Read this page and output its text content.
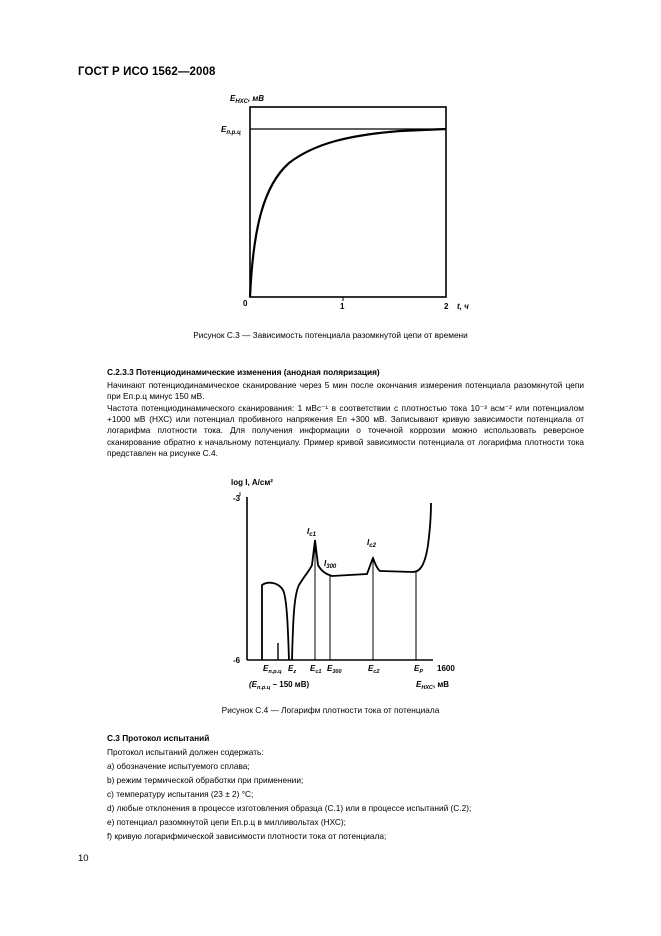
ГОСТ Р ИСО 1562—2008
$E_{НХС}$, мВ
$E_{п.р.ц}$
0	1	2 t, ч
Рисунок С.3 — Зависимость потенциала разомкнутой цепи от времени
С.2.3.3 Потенциодинамические изменения (анодная поляризация)

Начинают потенциодинамическое сканирование через 5 мин после окончания измерения потенциала разомкнутой цепи при Eп.р.ц минус 150 мВ.

Частота потенциодинамического сканирования: 1 мВс⁻¹ в соответствии с плотностью тока 10⁻³ асм⁻² или потенциалом +1000 мВ (НХС) или потенциал пробивного напряжения Eп +300 мВ. Записывают кривую зависимости потенциала от логарифма плотности тока. Для получения информации о точечной коррозии можно использовать реверсное сканирование обратно к начальному потенциалу. Пример кривой зависимости потенциала от логарифма плотности тока представлен на рисунке С.4.

log I, А/см²
-3
-6
$I_{c1}$
$I_{300}$
$I_{c2}$
$E_{п.р.ц}$ $E_z$ $E_{c1}$ $E_{300}$	$E_{c2}$	$E_P$ 1600
($E_{п.р.ц} - 150$ мВ)	$E_{НХС}$, мВ
Рисунок С.4 — Логарифм плотности тока от потенциала
С.3 Протокол испытаний
Протокол испытаний должен содержать:
a) обозначение испытуемого сплава;
b) режим термической обработки при применении;
c) температуру испытания (23 ± 2) °С;
d) любые отклонения в процессе изготовления образца (С.1) или в процессе испытаний (С.2);
e) потенциал разомкнутой цепи Eп.р.ц в милливольтах (НХС);
f) кривую логарифмической зависимости плотности тока от потенциала;
10
